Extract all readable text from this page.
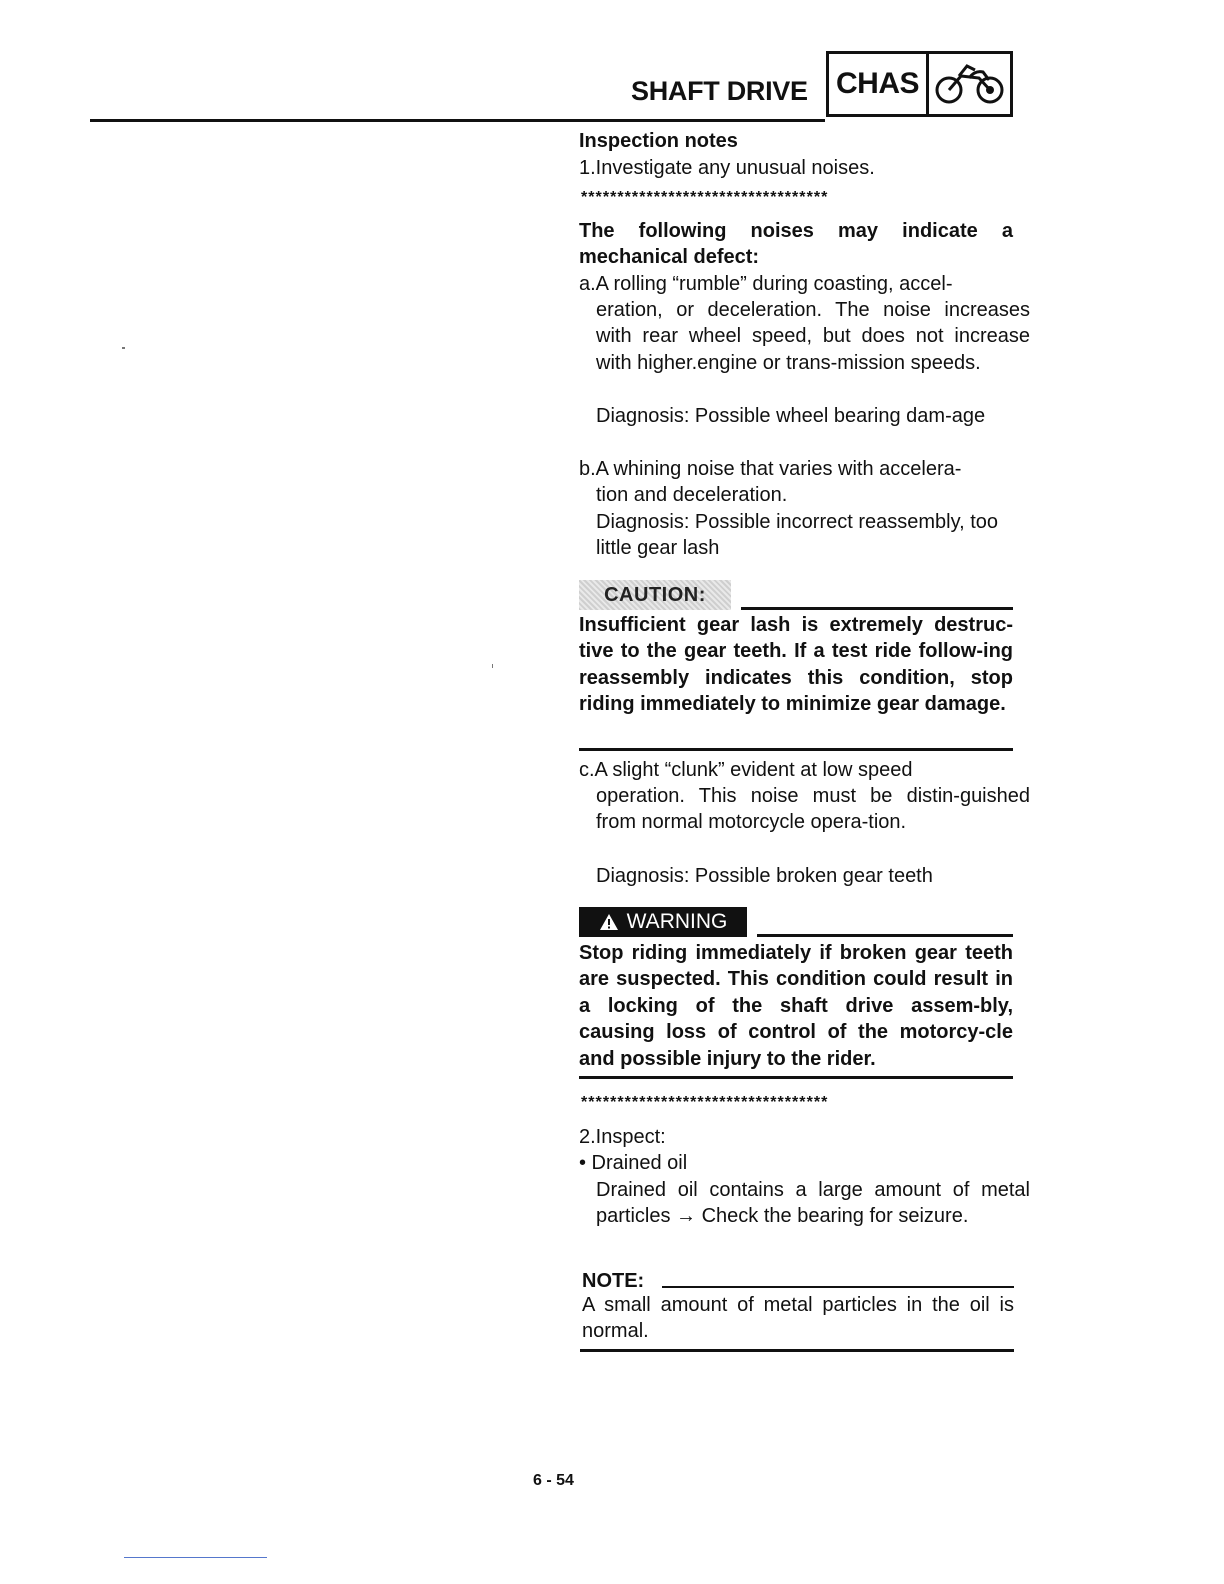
SHAFT DRIVE CHAS
Inspection notes
1.Investigate any unusual noises.
**********************************
The following noises may indicate a mechanical defect:
a.A rolling “rumble” during coasting, accel-
eration, or deceleration. The noise increases with rear wheel speed, but does not increase with higher.engine or trans-mission speeds.
Diagnosis: Possible wheel bearing dam-age
b.A whining noise that varies with accelera-
tion and deceleration.
Diagnosis: Possible incorrect reassembly, too little gear lash
CAUTION:
Insufficient gear lash is extremely destruc-tive to the gear teeth. If a test ride follow-ing reassembly indicates this condition, stop riding immediately to minimize gear damage.
c.A slight “clunk” evident at low speed
operation. This noise must be distin-guished from normal motorcycle opera-tion.
Diagnosis: Possible broken gear teeth
WARNING
Stop riding immediately if broken gear teeth are suspected. This condition could result in a locking of the shaft drive assem-bly, causing loss of control of the motorcy-cle and possible injury to the rider.
**********************************
2.Inspect:
• Drained oil
Drained oil contains a large amount of metal particles → Check the bearing for seizure.
NOTE:
A small amount of metal particles in the oil is normal.
6 - 54
